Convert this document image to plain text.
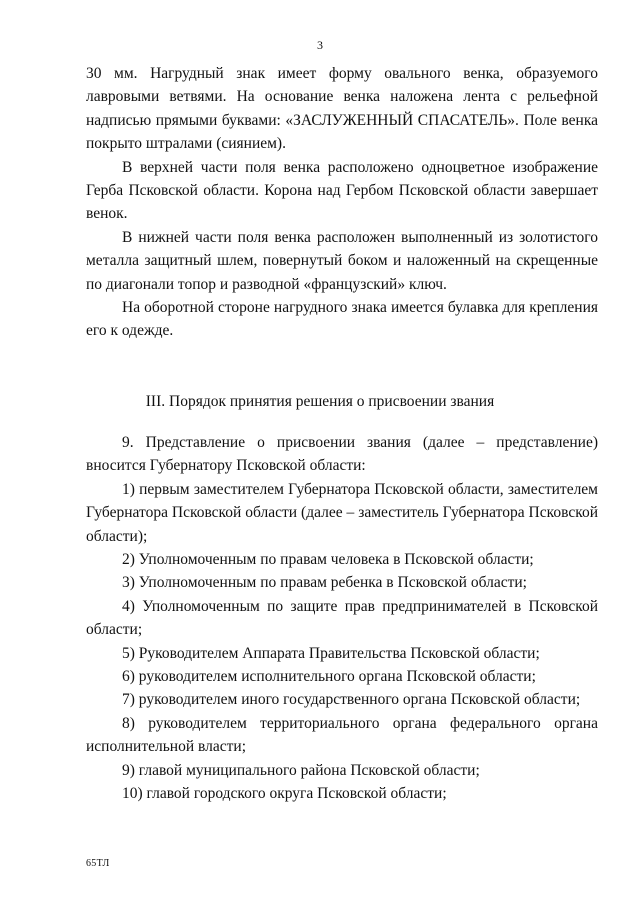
3

30 мм. Нагрудный знак имеет форму овального венка, образуемого лавровыми ветвями. На основание венка наложена лента с рельефной надписью прямыми буквами: «ЗАСЛУЖЕННЫЙ СПАСАТЕЛЬ». Поле венка покрыто штралами (сиянием).

В верхней части поля венка расположено одноцветное изображение Герба Псковской области. Корона над Гербом Псковской области завершает венок.

В нижней части поля венка расположен выполненный из золотистого металла защитный шлем, повернутый боком и наложенный на скрещенные по диагонали топор и разводной «французский» ключ.

На оборотной стороне нагрудного знака имеется булавка для крепления его к одежде.

III. Порядок принятия решения о присвоении звания

9. Представление о присвоении звания (далее – представление) вносится Губернатору Псковской области:

1) первым заместителем Губернатора Псковской области, заместителем Губернатора Псковской области (далее – заместитель Губернатора Псковской области);

2) Уполномоченным по правам человека в Псковской области;

3) Уполномоченным по правам ребенка в Псковской области;

4) Уполномоченным по защите прав предпринимателей в Псковской области;

5) Руководителем Аппарата Правительства Псковской области;

6) руководителем исполнительного органа Псковской области;

7) руководителем иного государственного органа Псковской области;

8) руководителем территориального органа федерального органа исполнительной власти;

9) главой муниципального района Псковской области;

10) главой городского округа Псковской области;

65ТЛ
